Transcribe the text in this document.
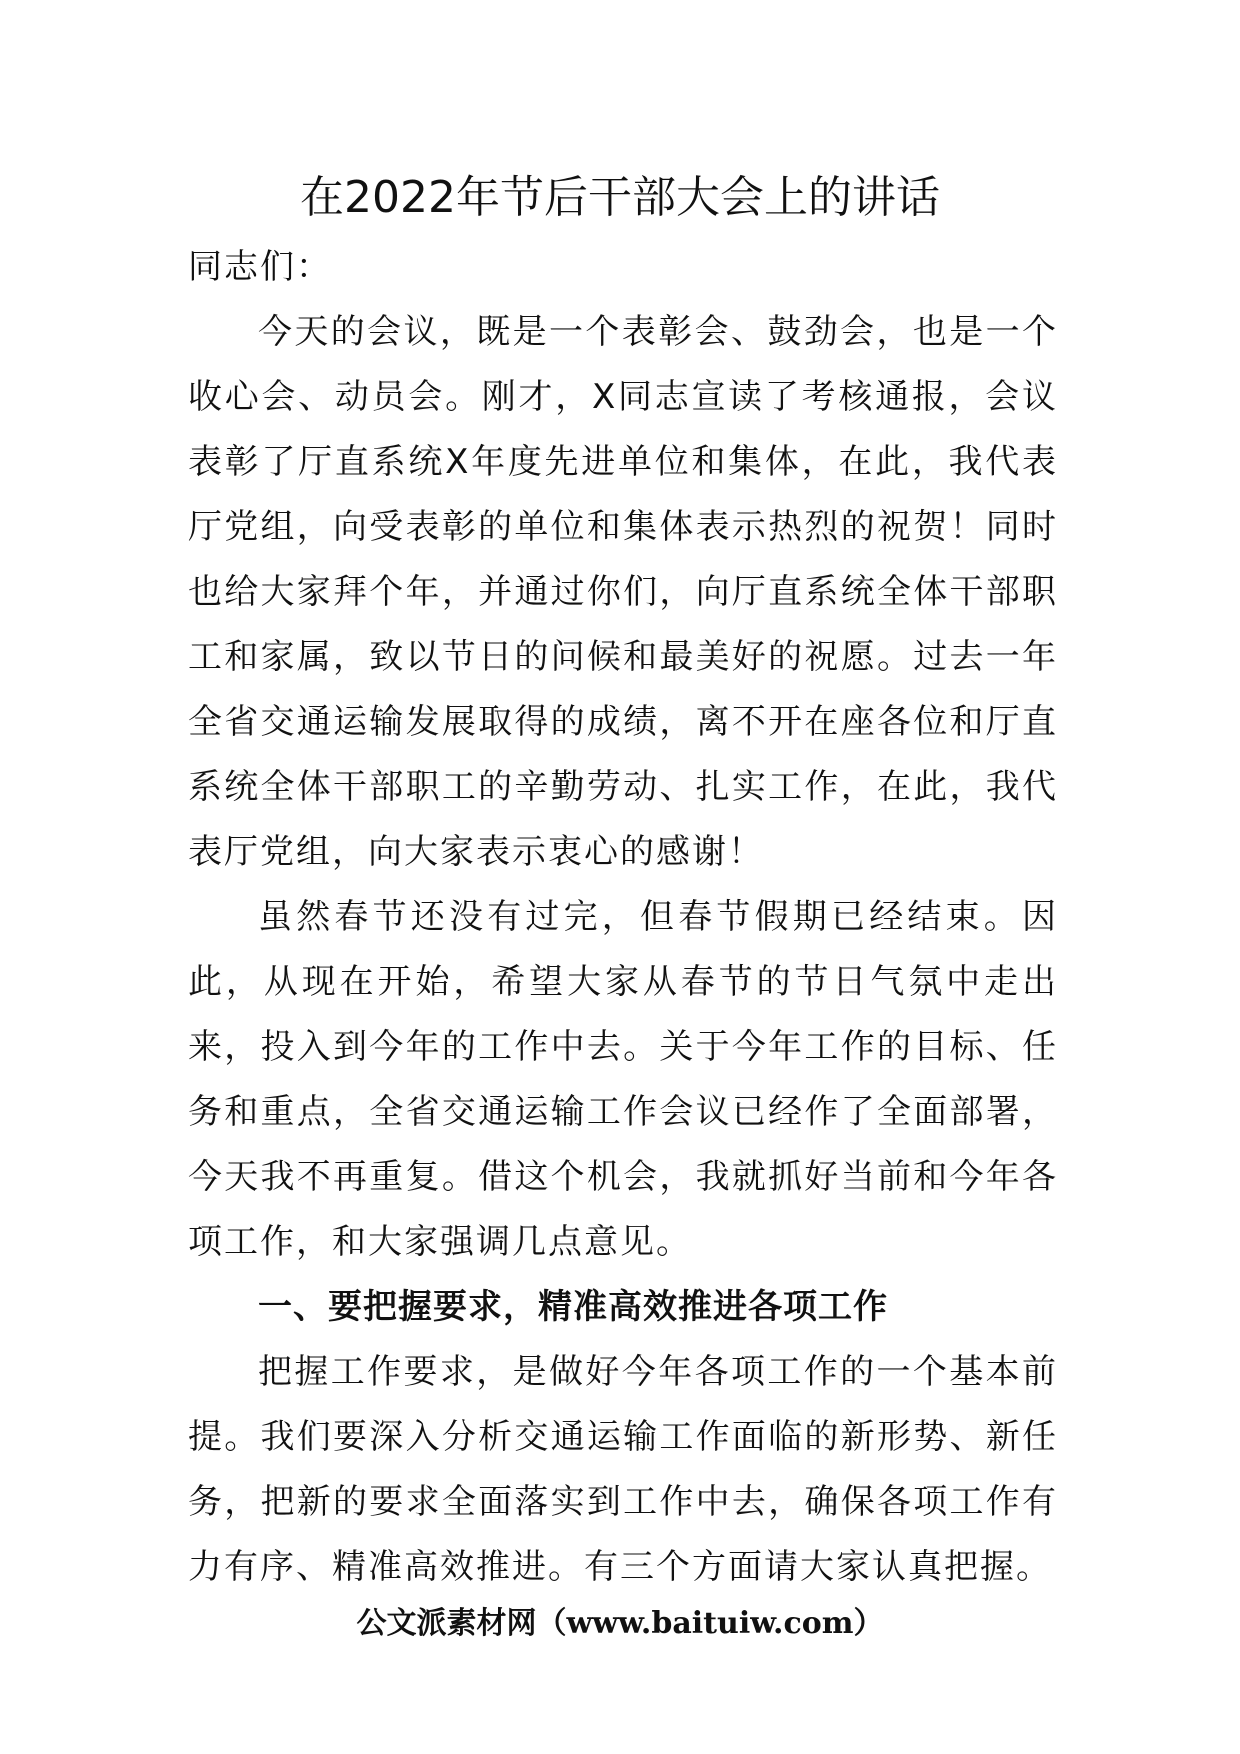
在2022年节后干部大会上的讲话

同志们：

今天的会议，既是一个表彰会、鼓劲会，也是一个收心会、动员会。刚才，X同志宣读了考核通报，会议表彰了厅直系统X年度先进单位和集体，在此，我代表厅党组，向受表彰的单位和集体表示热烈的祝贺！同时也给大家拜个年，并通过你们，向厅直系统全体干部职工和家属，致以节日的问候和最美好的祝愿。过去一年全省交通运输发展取得的成绩，离不开在座各位和厅直系统全体干部职工的辛勤劳动、扎实工作，在此，我代表厅党组，向大家表示衷心的感谢！

虽然春节还没有过完，但春节假期已经结束。因此，从现在开始，希望大家从春节的节日气氛中走出来，投入到今年的工作中去。关于今年工作的目标、任务和重点，全省交通运输工作会议已经作了全面部署，今天我不再重复。借这个机会，我就抓好当前和今年各项工作，和大家强调几点意见。

一、要把握要求，精准高效推进各项工作

把握工作要求，是做好今年各项工作的一个基本前提。我们要深入分析交通运输工作面临的新形势、新任务，把新的要求全面落实到工作中去，确保各项工作有力有序、精准高效推进。有三个方面请大家认真把握。

公文派素材网（www.baituiw.com）
